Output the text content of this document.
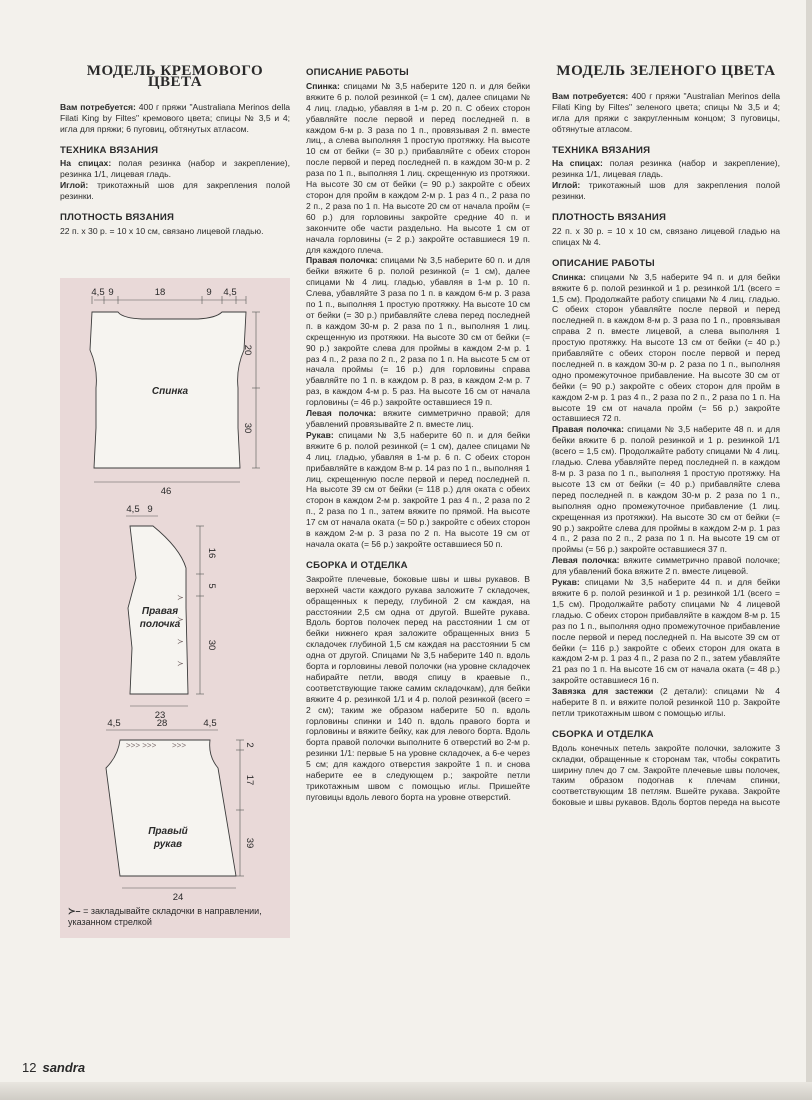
МОДЕЛЬ КРЕМОВОГО ЦВЕТА

Вам потребуется: 400 г пряжи "Australiana Merinos della Filati King by Filtes" кремового цвета; спицы № 3,5 и 4; игла для пряжи; 6 пуговиц, обтянутых атласом.

ТЕХНИКА ВЯЗАНИЯ

На спицах: полая резинка (набор и закрепление), резинка 1/1, лицевая гладь.

Иглой: трикотажный шов для закрепления полой резинки.

ПЛОТНОСТЬ ВЯЗАНИЯ

22 п. х 30 р. = 10 х 10 см, связано лицевой гладью.

≻
≻
≻
≻
>>> >>> >>>
4,5 9	18	9 4,5
20
30
46
4,5 9
16
5
30
23
4,5	28	4,5
2
17
39
24
Спинка
Правая
полочка
Правый
рукав
≻– = закладывайте складочки в направлении, указанном стрелкой
ОПИСАНИЕ РАБОТЫ

Спинка: спицами № 3,5 наберите 120 п. и для бейки вяжите 6 р. полой резинкой (= 1 см), далее спицами № 4 лиц. гладью, убавляя в 1-м р. 20 п. С обеих сторон убавляйте после первой и перед последней п. в каждом 6-м р. 3 раза по 1 п., провязывая 2 п. вместе лиц., а слева выполняя 1 простую протяжку. На высоте 10 см от бейки (= 30 р.) прибавляйте с обеих сторон после первой и перед последней п. в каждом 30-м р. 2 раза по 1 п., выполняя 1 лиц. скрещенную из протяжки. На высоте 30 см от бейки (= 90 р.) закройте с обеих сторон для пройм в каждом 2-м р. 1 раз 4 п., 2 раза по 2 п., 2 раза по 1 п. На высоте 20 см от начала пройм (= 60 р.) для горловины закройте средние 40 п. и закончите обе части раздельно. На высоте 1 см от начала горловины (= 2 р.) закройте оставшиеся 19 п. для каждого плеча.

Правая полочка: спицами № 3,5 наберите 60 п. и для бейки вяжите 6 р. полой резинкой (= 1 см), далее спицами № 4 лиц. гладью, убавляя в 1-м р. 10 п. Слева, убавляйте 3 раза по 1 п. в каждом 6-м р. 3 раза по 1 п., выполняя 1 простую протяжку. На высоте 10 см от бейки (= 30 р.) прибавляйте слева перед последней п. в каждом 30-м р. 2 раза по 1 п., выполняя 1 лиц. скрещенную из протяжки. На высоте 30 см от бейки (= 90 р.) закройте слева для проймы в каждом 2-м р. 1 раз 4 п., 2 раза по 2 п., 2 раза по 1 п. На высоте 5 см от начала проймы (= 16 р.) для горловины справа убавляйте по 1 п. в каждом р. 8 раз, в каждом 2-м р. 7 раз, в каждом 4-м р. 5 раз. На высоте 16 см от начала горловины (= 46 р.) закройте оставшиеся 19 п.

Левая полочка: вяжите симметрично правой; для убавлений провязывайте 2 п. вместе лиц.

Рукав: спицами № 3,5 наберите 60 п. и для бейки вяжите 6 р. полой резинкой (= 1 см), далее спицами № 4 лиц. гладью, убавляя в 1-м р. 6 п. С обеих сторон прибавляйте в каждом 8-м р. 14 раз по 1 п., выполняя 1 лиц. скрещенную после первой и перед последней п. На высоте 39 см от бейки (= 118 р.) для оката с обеих сторон в каждом 2-м р. закройте 1 раз 4 п., 2 раза по 2 п., 2 раза по 1 п., затем вяжите по прямой. На высоте 17 см от начала оката (= 50 р.) закройте с обеих сторон в каждом 2-м р. 3 раза по 2 п. На высоте 19 см от начала оката (= 56 р.) закройте оставшиеся 50 п.

СБОРКА И ОТДЕЛКА

Закройте плечевые, боковые швы и швы рукавов. В верхней части каждого рукава заложите 7 складочек, обращенных к переду, глубиной 2 см каждая, на расстоянии 2,5 см одна от другой. Вшейте рукава. Вдоль бортов полочек перед на расстоянии 1 см от бейки нижнего края заложите обращенных вниз 5 складочек глубиной 1,5 см каждая на расстоянии 5 см одна от другой. Спицами № 3,5 наберите 140 п. вдоль борта и горловины левой полочки (на уровне складочек набирайте петли, вводя спицу в краевые п., соответствующие также самим складочкам), для бейки вяжите 4 р. резинкой 1/1 и 4 р. полой резинкой (всего = 2 см); таким же образом наберите 50 п. вдоль горловины спинки и 140 п. вдоль правого борта и горловины и вяжите бейку, как для левого борта. Вдоль борта правой полочки выполните 6 отверстий во 2-м р. резинки 1/1: первые 5 на уровне складочек, а 6-е через 5 см; для каждого отверстия закройте 1 п. и снова наберите ее в следующем р.; закройте петли трикотажным швом с помощью иглы. Пришейте пуговицы вдоль левого борта на уровне отверстий.

МОДЕЛЬ ЗЕЛЕНОГО ЦВЕТА

Вам потребуется: 400 г пряжи "Australian Merinos della Filati King by Filtes" зеленого цвета; спицы № 3,5 и 4; игла для пряжи с закругленным концом; 3 пуговицы, обтянутые атласом.

ТЕХНИКА ВЯЗАНИЯ

На спицах: полая резинка (набор и закрепление), резинка 1/1, лицевая гладь.

Иглой: трикотажный шов для закрепления полой резинки.

ПЛОТНОСТЬ ВЯЗАНИЯ

22 п. х 30 р. = 10 х 10 см, связано лицевой гладью на спицах № 4.

ОПИСАНИЕ РАБОТЫ

Спинка: спицами № 3,5 наберите 94 п. и для бейки вяжите 6 р. полой резинкой и 1 р. резинкой 1/1 (всего = 1,5 см). Продолжайте работу спицами № 4 лиц. гладью. С обеих сторон убавляйте после первой и перед последней п. в каждом 8-м р. 3 раза по 1 п., провязывая справа 2 п. вместе лицевой, а слева выполняя 1 простую протяжку. На высоте 13 см от бейки (= 40 р.) прибавляйте с обеих сторон после первой и перед последней п. в каждом 30-м р. 2 раза по 1 п., выполняя одно промежуточное прибавление. На высоте 30 см от бейки (= 90 р.) закройте с обеих сторон для пройм в каждом 2-м р. 1 раз 4 п., 2 раза по 2 п., 2 раза по 1 п. На высоте 19 см от начала пройм (= 56 р.) закройте оставшиеся 72 п.

Правая полочка: спицами № 3,5 наберите 48 п. и для бейки вяжите 6 р. полой резинкой и 1 р. резинкой 1/1 (всего = 1,5 см). Продолжайте работу спицами № 4 лиц. гладью. Слева убавляйте перед последней п. в каждом 8-м р. 3 раза по 1 п., выполняя 1 простую протяжку. На высоте 13 см от бейки (= 40 р.) прибавляйте слева перед последней п. в каждом 30-м р. 2 раза по 1 п., выполняя одно промежуточное прибавление (1 лиц. скрещенная из протяжки). На высоте 30 см от бейки (= 90 р.) закройте слева для проймы в каждом 2-м р. 1 раз 4 п., 2 раза по 2 п., 2 раза по 1 п. На высоте 19 см от проймы (= 56 р.) закройте оставшиеся 37 п.

Левая полочка: вяжите симметрично правой полочке; для убавлений бока вяжите 2 п. вместе лицевой.

Рукав: спицами № 3,5 наберите 44 п. и для бейки вяжите 6 р. полой резинкой и 1 р. резинкой 1/1 (всего = 1,5 см). Продолжайте работу спицами № 4 лицевой гладью. С обеих сторон прибавляйте в каждом 8-м р. 15 раз по 1 п., выполняя одно промежуточное прибавление после первой и перед последней п. На высоте 39 см от бейки (= 116 р.) закройте с обеих сторон для оката в каждом 2-м р. 1 раз 4 п., 2 раза по 2 п., затем убавляйте 21 раз по 1 п. На высоте 16 см от начала оката (= 48 р.) закройте оставшиеся 16 п.

Завязка для застежки (2 детали): спицами № 4 наберите 8 п. и вяжите полой резинкой 110 р. Закройте петли трикотажным швом с помощью иглы.

СБОРКА И ОТДЕЛКА

Вдоль конечных петель закройте полочки, заложите 3 складки, обращенные к сторонам так, чтобы сократить ширину плеч до 7 см. Закройте плечевые швы полочек, таким образом подогнав к плечам спинки, соответствующим 18 петлям. Вшейте рукава. Закройте боковые и швы рукавов. Вдоль бортов переда на высоте

12 sandra
